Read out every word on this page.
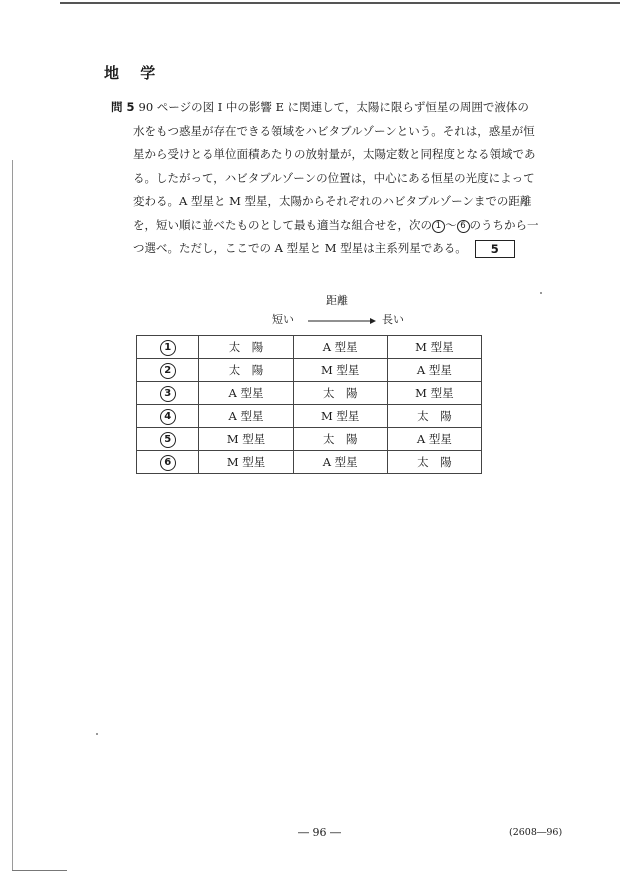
地 学
問 5 90 ページの図 I 中の影響 E に関連して，太陽に限らず恒星の周囲で液体の
水をもつ惑星が存在できる領域をハビタブルゾーンという。それは，惑星が恒
星から受けとる単位面積あたりの放射量が，太陽定数と同程度となる領域であ
る。したがって，ハビタブルゾーンの位置は，中心にある恒星の光度によって
変わる。A 型星と M 型星，太陽からそれぞれのハビタブルゾーンまでの距離
を，短い順に並べたものとして最も適当な組合せを，次の 1 ～ 6 のうちから一
つ選べ。ただし，ここでの A 型星と M 型星は主系列星である。 5
距離
短い	長い
1	太　陽	A 型星	M 型星
2	太　陽	M 型星	A 型星
3	A 型星	太　陽	M 型星
4	A 型星	M 型星	太　陽
5	M 型星	太　陽	A 型星
6	M 型星	A 型星	太　陽
― 96 ―	(2608―96)
